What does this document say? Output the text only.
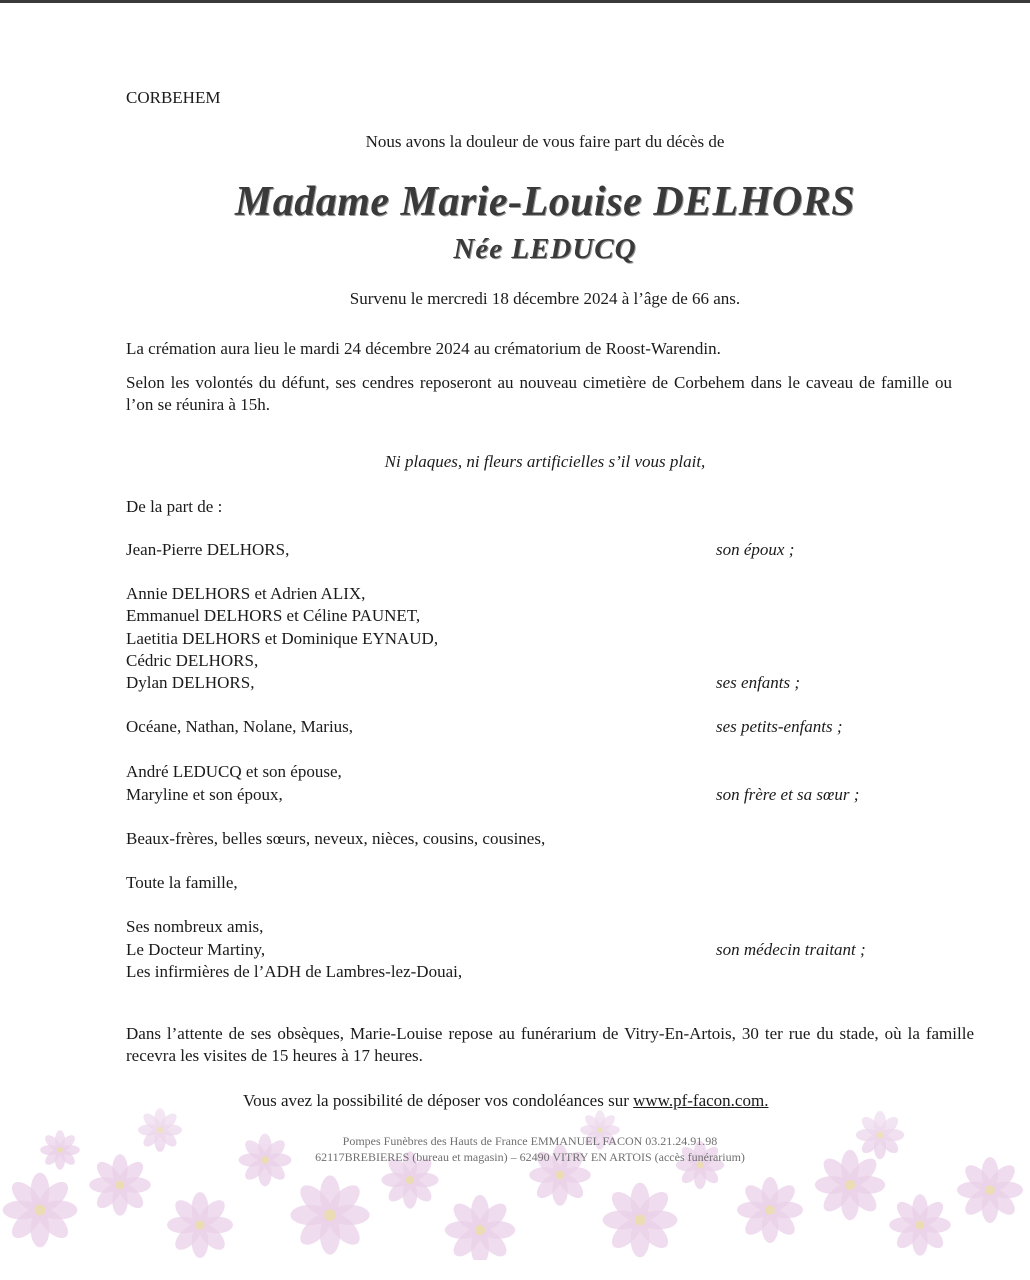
CORBEHEM
Nous avons la douleur de vous faire part du décès de
Madame Marie-Louise DELHORS
Née LEDUCQ
Survenu le mercredi 18 décembre 2024 à l’âge de 66 ans.
La crémation aura lieu le mardi 24 décembre 2024 au crématorium de Roost-Warendin.
Selon les volontés du défunt, ses cendres reposeront au nouveau cimetière de Corbehem dans le caveau de famille ou l’on se réunira à 15h.
Ni plaques, ni fleurs artificielles s’il vous plait,
De la part de :
Jean-Pierre DELHORS,	son époux ;
Annie DELHORS et Adrien ALIX,
Emmanuel DELHORS et Céline PAUNET,
Laetitia DELHORS et Dominique EYNAUD,
Cédric DELHORS,
Dylan DELHORS,	ses enfants ;
Océane, Nathan, Nolane, Marius,	ses petits-enfants ;
André LEDUCQ et son épouse,
Maryline et son époux,	son frère et sa sœur ;
Beaux-frères, belles sœurs, neveux, nièces, cousins, cousines,
Toute la famille,
Ses nombreux amis,
Le Docteur Martiny,	son médecin traitant ;
Les infirmières de l’ADH de Lambres-lez-Douai,
Dans l’attente de ses obsèques, Marie-Louise repose au funérarium de Vitry-En-Artois, 30 ter rue du stade, où la famille recevra les visites de 15 heures à 17 heures.
Vous avez la possibilité de déposer vos condoléances sur www.pf-facon.com.
Pompes Funèbres des Hauts de France EMMANUEL FACON 03.21.24.91.98
62117BREBIERES (bureau et magasin) – 62490 VITRY EN ARTOIS (accès funérarium)
